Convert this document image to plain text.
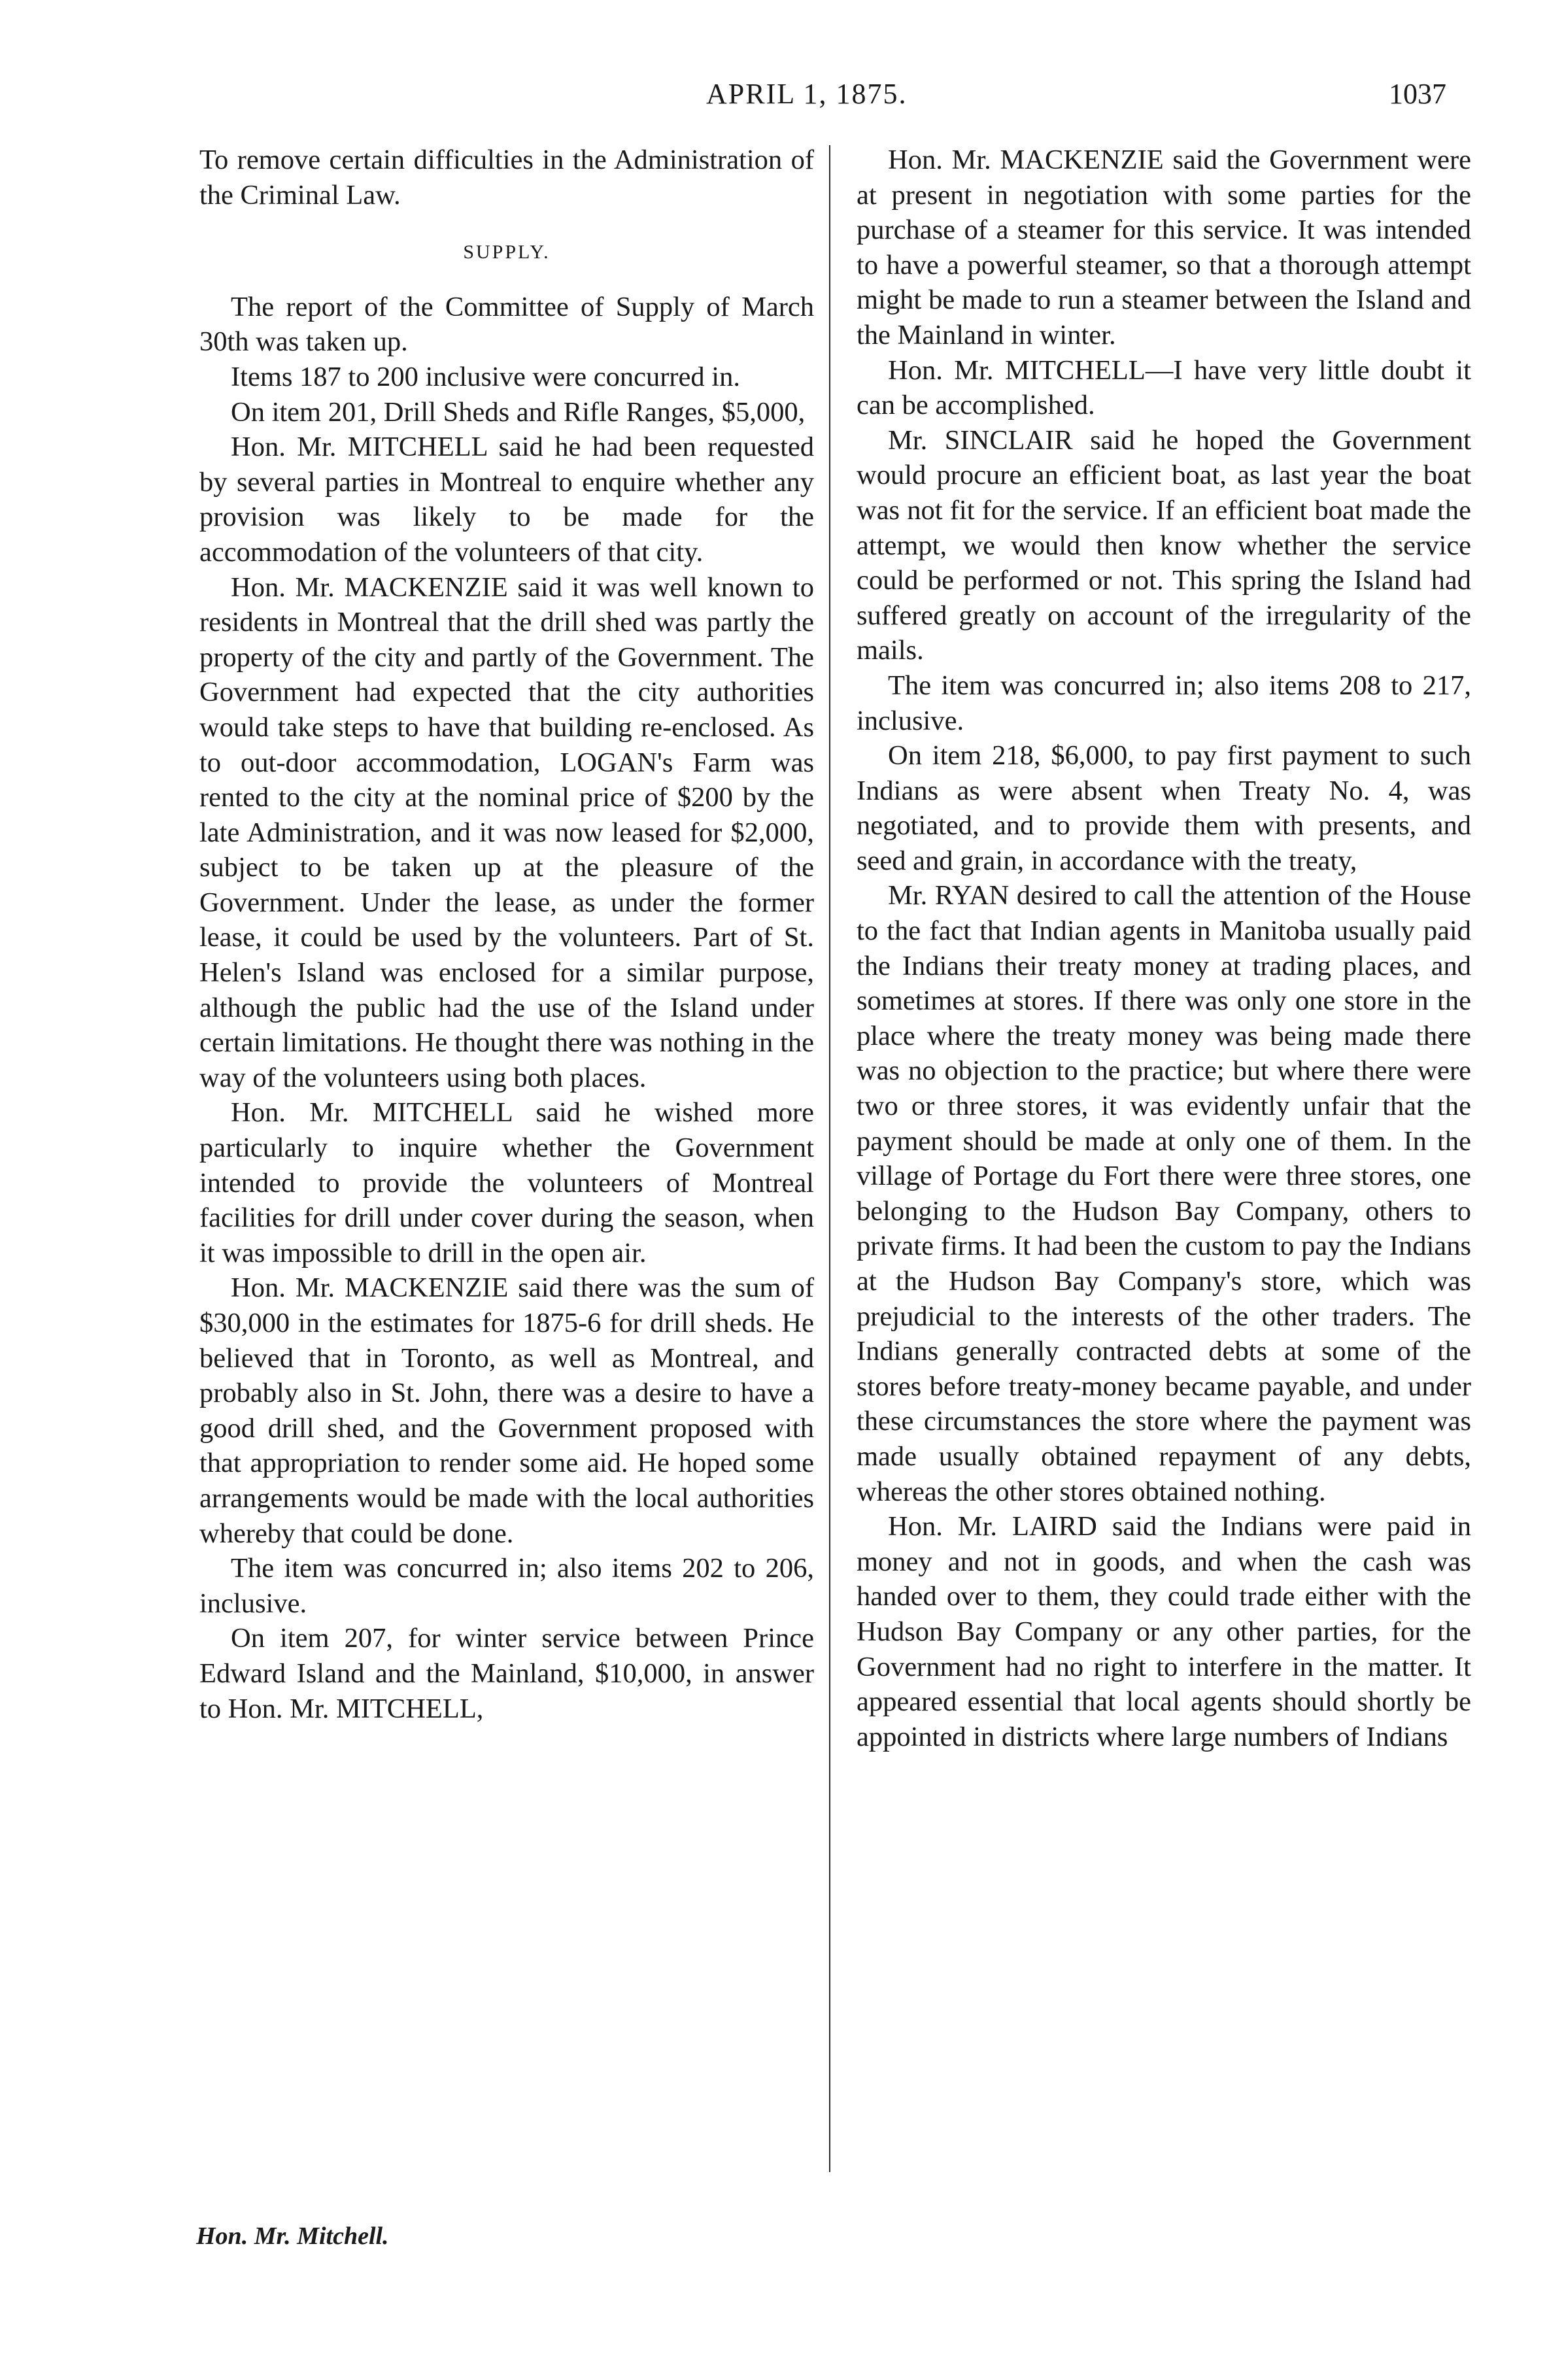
APRIL 1, 1875.	1037

To remove certain difficulties in the Administration of the Criminal Law.

SUPPLY.

The report of the Committee of Supply of March 30th was taken up.

Items 187 to 200 inclusive were concurred in.

On item 201, Drill Sheds and Rifle Ranges, $5,000,

Hon. Mr. MITCHELL said he had been requested by several parties in Montreal to enquire whether any provision was likely to be made for the accommodation of the volunteers of that city.

Hon. Mr. MACKENZIE said it was well known to residents in Montreal that the drill shed was partly the property of the city and partly of the Government. The Government had expected that the city authorities would take steps to have that building re-enclosed. As to out-door accommodation, LOGAN's Farm was rented to the city at the nominal price of $200 by the late Administration, and it was now leased for $2,000, subject to be taken up at the pleasure of the Government. Under the lease, as under the former lease, it could be used by the volunteers. Part of St. Helen's Island was enclosed for a similar purpose, although the public had the use of the Island under certain limitations. He thought there was nothing in the way of the volunteers using both places.

Hon. Mr. MITCHELL said he wished more particularly to inquire whether the Government intended to provide the volunteers of Montreal facilities for drill under cover during the season, when it was impossible to drill in the open air.

Hon. Mr. MACKENZIE said there was the sum of $30,000 in the estimates for 1875-6 for drill sheds. He believed that in Toronto, as well as Montreal, and probably also in St. John, there was a desire to have a good drill shed, and the Government proposed with that appropriation to render some aid. He hoped some arrangements would be made with the local authorities whereby that could be done.

The item was concurred in; also items 202 to 206, inclusive.

On item 207, for winter service between Prince Edward Island and the Mainland, $10,000, in answer to Hon. Mr. MITCHELL,

Hon. Mr. MACKENZIE said the Government were at present in negotiation with some parties for the purchase of a steamer for this service. It was intended to have a powerful steamer, so that a thorough attempt might be made to run a steamer between the Island and the Mainland in winter.

Hon. Mr. MITCHELL—I have very little doubt it can be accomplished.

Mr. SINCLAIR said he hoped the Government would procure an efficient boat, as last year the boat was not fit for the service. If an efficient boat made the attempt, we would then know whether the service could be performed or not. This spring the Island had suffered greatly on account of the irregularity of the mails.

The item was concurred in; also items 208 to 217, inclusive.

On item 218, $6,000, to pay first payment to such Indians as were absent when Treaty No. 4, was negotiated, and to provide them with presents, and seed and grain, in accordance with the treaty,

Mr. RYAN desired to call the attention of the House to the fact that Indian agents in Manitoba usually paid the Indians their treaty money at trading places, and sometimes at stores. If there was only one store in the place where the treaty money was being made there was no objection to the practice; but where there were two or three stores, it was evidently unfair that the payment should be made at only one of them. In the village of Portage du Fort there were three stores, one belonging to the Hudson Bay Company, others to private firms. It had been the custom to pay the Indians at the Hudson Bay Company's store, which was prejudicial to the interests of the other traders. The Indians generally contracted debts at some of the stores before treaty-money became payable, and under these circumstances the store where the payment was made usually obtained repayment of any debts, whereas the other stores obtained nothing.

Hon. Mr. LAIRD said the Indians were paid in money and not in goods, and when the cash was handed over to them, they could trade either with the Hudson Bay Company or any other parties, for the Government had no right to interfere in the matter. It appeared essential that local agents should shortly be appointed in districts where large numbers of Indians

Hon. Mr. Mitchell.
